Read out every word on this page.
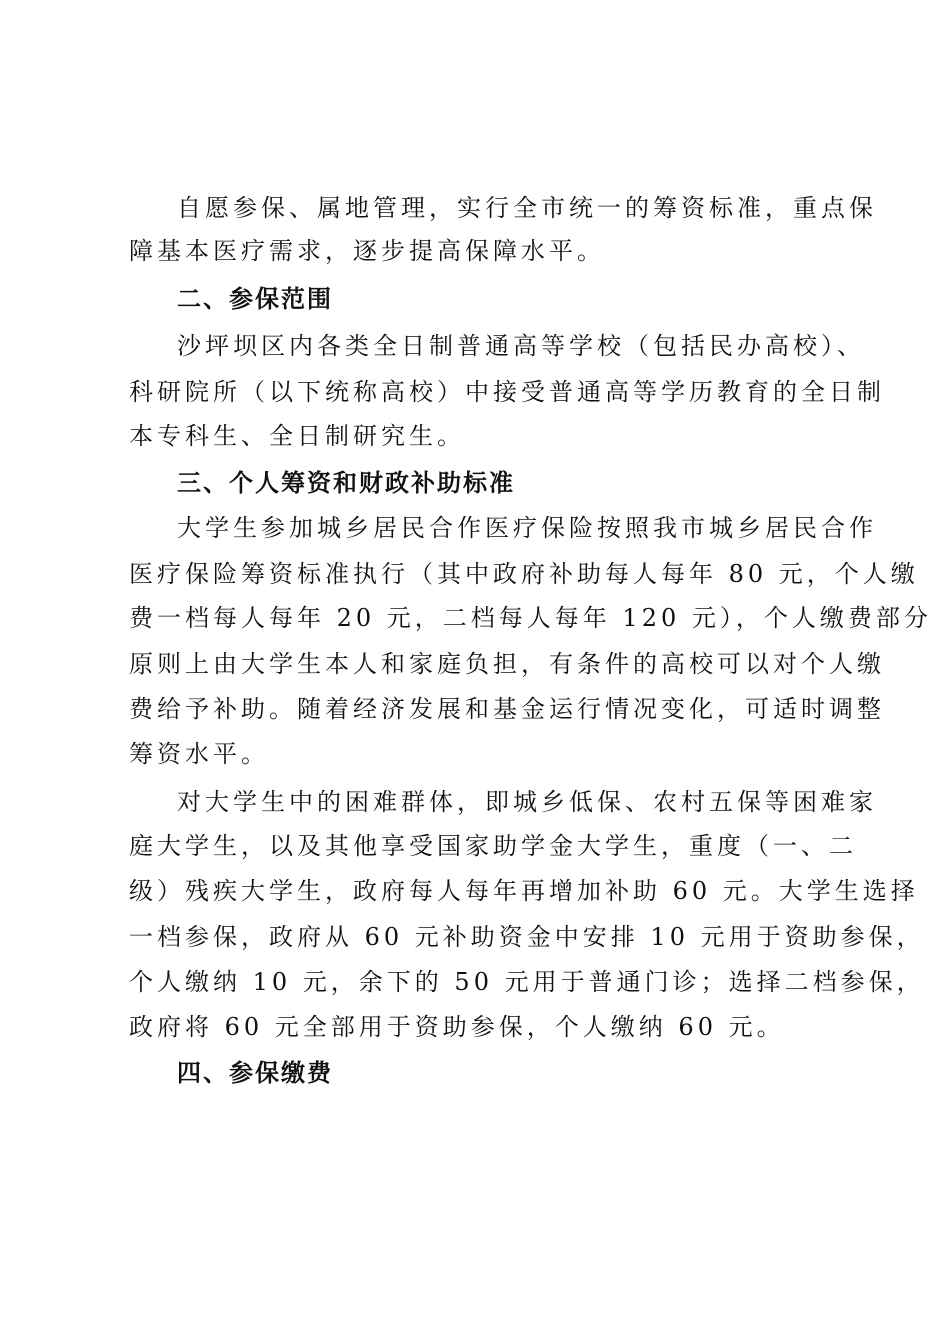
自愿参保、属地管理，实行全市统一的筹资标准，重点保
障基本医疗需求，逐步提高保障水平。
二、参保范围
沙坪坝区内各类全日制普通高等学校（包括民办高校）、
科研院所（以下统称高校）中接受普通高等学历教育的全日制
本专科生、全日制研究生。
三、个人筹资和财政补助标准
大学生参加城乡居民合作医疗保险按照我市城乡居民合作
医疗保险筹资标准执行（其中政府补助每人每年 80 元，个人缴
费一档每人每年 20 元，二档每人每年 120 元），个人缴费部分
原则上由大学生本人和家庭负担，有条件的高校可以对个人缴
费给予补助。随着经济发展和基金运行情况变化，可适时调整
筹资水平。
对大学生中的困难群体，即城乡低保、农村五保等困难家
庭大学生，以及其他享受国家助学金大学生，重度（一、二
级）残疾大学生，政府每人每年再增加补助 60 元。大学生选择
一档参保，政府从 60 元补助资金中安排 10 元用于资助参保，
个人缴纳 10 元，余下的 50 元用于普通门诊；选择二档参保，
政府将 60 元全部用于资助参保，个人缴纳 60 元。
四、参保缴费
